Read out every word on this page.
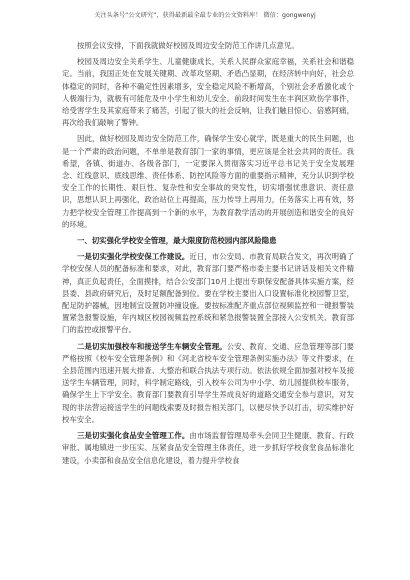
关注头条号“公文研究”，获得最新最全最专业的公文资料库！ 微信：gongwenyj

按照会议安排，下面我就做好校园及周边安全防范工作讲几点意见。

校园及周边安全关系学生、儿童健康成长，关系人民群众家庭幸福，关系社会和谐稳定。当前，我国正处在发展关键期、改革攻坚期、矛盾凸显期，在经济转中向好，社会总体稳定的同时，各种不确定性因素增多，安全稳定风险不断增高，个别社会矛盾激化或个人极端行为，就极有可能危及中小学生和幼儿安全。前段时间发生在丰润区欧伤学事件，给受害学生及其家庭带来了痛苦，引起了很大的社会反响，让我们触目惊心、倍感阿痛，再次给我们敲响了警钟。

因此，做好校园及周边安全防范工作，确保学生安心就学，既是重大的民生问题，也是一个严肃的政治问题，不单单是教育部门一家的事情，更应该是全社会共同的责任。我希望，各镇、街道办、各级各部门，一定要深入贯彻落实习近平总书记关于安全发展理念、红线意识、底线思维、责任体系、防控风险等方面的重要指示精神，充分认识到学校安全工作的长期性、艰巨性、复杂性和安全事故的突发性，切实增强忧患意识、责任意识，思想认识上再强化，政治站位上再提高，压力传导上再用力，任务落实上再有效，努力把学校安全管理工作提高到一个新的水平，为教育教学活动的开展创造和谐安全的良好的环境。

一、切实强化学校安全管理，最大限度防范校园内部风险隐患

一是切实强化学校安保工作建设。近日，市公安局、市教育局联合发文，再次明确了学校安保人员的配备标准和要求，对此，教育部门要严格市委主要书记讲话及相关文件精神，真正负起责任，全面摸排，结合公安部门10月上提出专职保安配备具体实施方案，经县委、县政府研究后，及时足额配备到位。要在学校主要出入口设置标准化校园警卫室，配足防护器械，因地制宜设置防冲撞设施。要按标准配齐重点部位视频监控和一键报警装置紧急报警设施，年内城区校园视频监控系统和紧急报警装置全部接入公安机关、教育部门的监控或报警平台。

二是切实加强校车和接送学生车辆安全管理。公安、教育、交通、应急管理等部门要严格按照《校车安全管理条例》和《河北省校车安全管理条例实施办法》等文件要求，在全县范围内迅速开展大排查、大整治和联合执法专项行动。依法依规全面加强对校车及接送学生车辆管理，同时，科学制定路线，引入校车公司为中小学、幼儿园提供校车服务，确保学生上下学安全。教育部门要教育引导学生养成良好的道路交通安全参与意识，对发现的非法营运接送学生的问题线索要及时报告相关部门，以便尽快予以打击，切实维护好校车安全。

三是切实强化食品安全管理工作。由市场监督管理局牵头会同卫生健康、教育、行政审批、属地镇进一步压实、压紧食品安全管理主体责任，进一步抓好学校食堂食品标准化建设，小卖部和食品安全信息化建设，着力提升学校食
